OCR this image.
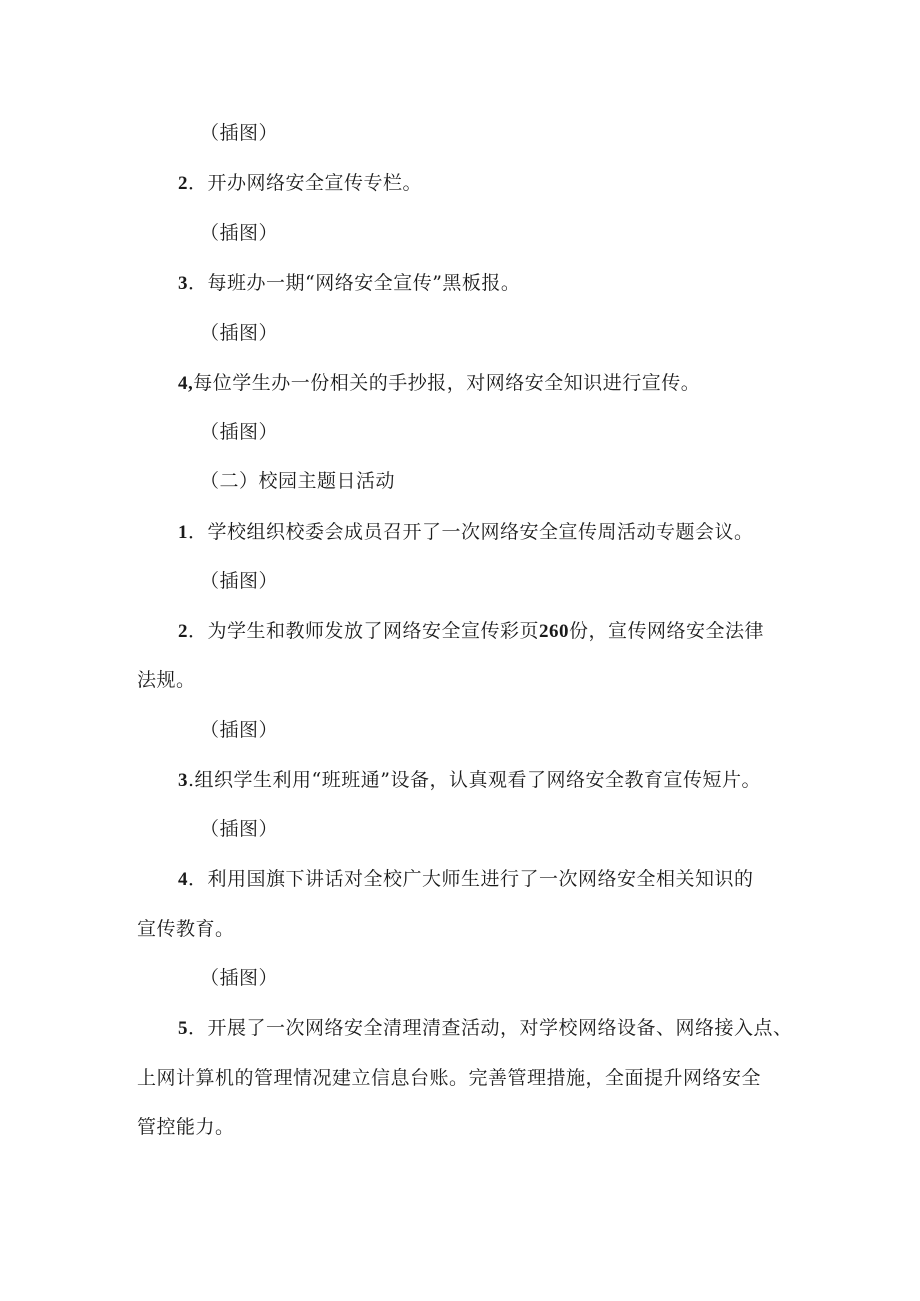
（插图）
2．开办网络安全宣传专栏。
（插图）
3．每班办一期“网络安全宣传”黑板报。
（插图）
4,每位学生办一份相关的手抄报，对网络安全知识进行宣传。
（插图）
（二）校园主题日活动
1．学校组织校委会成员召开了一次网络安全宣传周活动专题会议。
（插图）
2．为学生和教师发放了网络安全宣传彩页260份，宣传网络安全法律
法规。
（插图）
3.组织学生利用“班班通”设备，认真观看了网络安全教育宣传短片。
（插图）
4．利用国旗下讲话对全校广大师生进行了一次网络安全相关知识的
宣传教育。
（插图）
5．开展了一次网络安全清理清查活动，对学校网络设备、网络接入点、
上网计算机的管理情况建立信息台账。完善管理措施，全面提升网络安全
管控能力。
